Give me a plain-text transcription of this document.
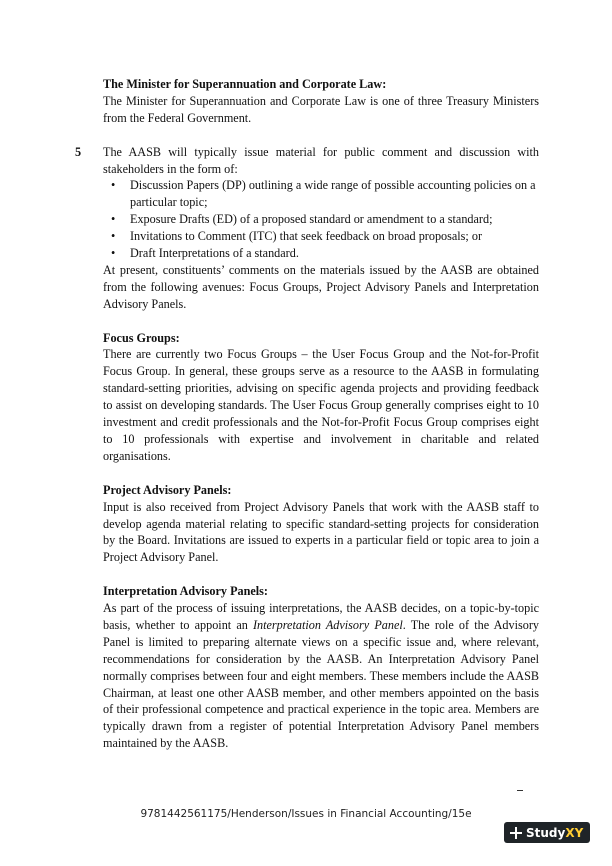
The Minister for Superannuation and Corporate Law:

The Minister for Superannuation and Corporate Law is one of three Treasury Ministers from the Federal Government.

5 The AASB will typically issue material for public comment and discussion with stakeholders in the form of:

• Discussion Papers (DP) outlining a wide range of possible accounting policies on a particular topic;
• Exposure Drafts (ED) of a proposed standard or amendment to a standard;
• Invitations to Comment (ITC) that seek feedback on broad proposals; or
• Draft Interpretations of a standard.

At present, constituents’ comments on the materials issued by the AASB are obtained from the following avenues: Focus Groups, Project Advisory Panels and Interpretation Advisory Panels.

Focus Groups:

There are currently two Focus Groups – the User Focus Group and the Not-for-Profit Focus Group. In general, these groups serve as a resource to the AASB in formulating standard-setting priorities, advising on specific agenda projects and providing feedback to assist on developing standards. The User Focus Group generally comprises eight to 10 investment and credit professionals and the Not-for-Profit Focus Group comprises eight to 10 professionals with expertise and involvement in charitable and related organisations.

Project Advisory Panels:

Input is also received from Project Advisory Panels that work with the AASB staff to develop agenda material relating to specific standard-setting projects for consideration by the Board. Invitations are issued to experts in a particular field or topic area to join a Project Advisory Panel.

Interpretation Advisory Panels:

As part of the process of issuing interpretations, the AASB decides, on a topic-by-topic basis, whether to appoint an Interpretation Advisory Panel. The role of the Advisory Panel is limited to preparing alternate views on a specific issue and, where relevant, recommendations for consideration by the AASB. An Interpretation Advisory Panel normally comprises between four and eight members. These members include the AASB Chairman, at least one other AASB member, and other members appointed on the basis of their professional competence and practical experience in the topic area. Members are typically drawn from a register of potential Interpretation Advisory Panel members maintained by the AASB.

9781442561175/Henderson/Issues in Financial Accounting/15e
Study XY
